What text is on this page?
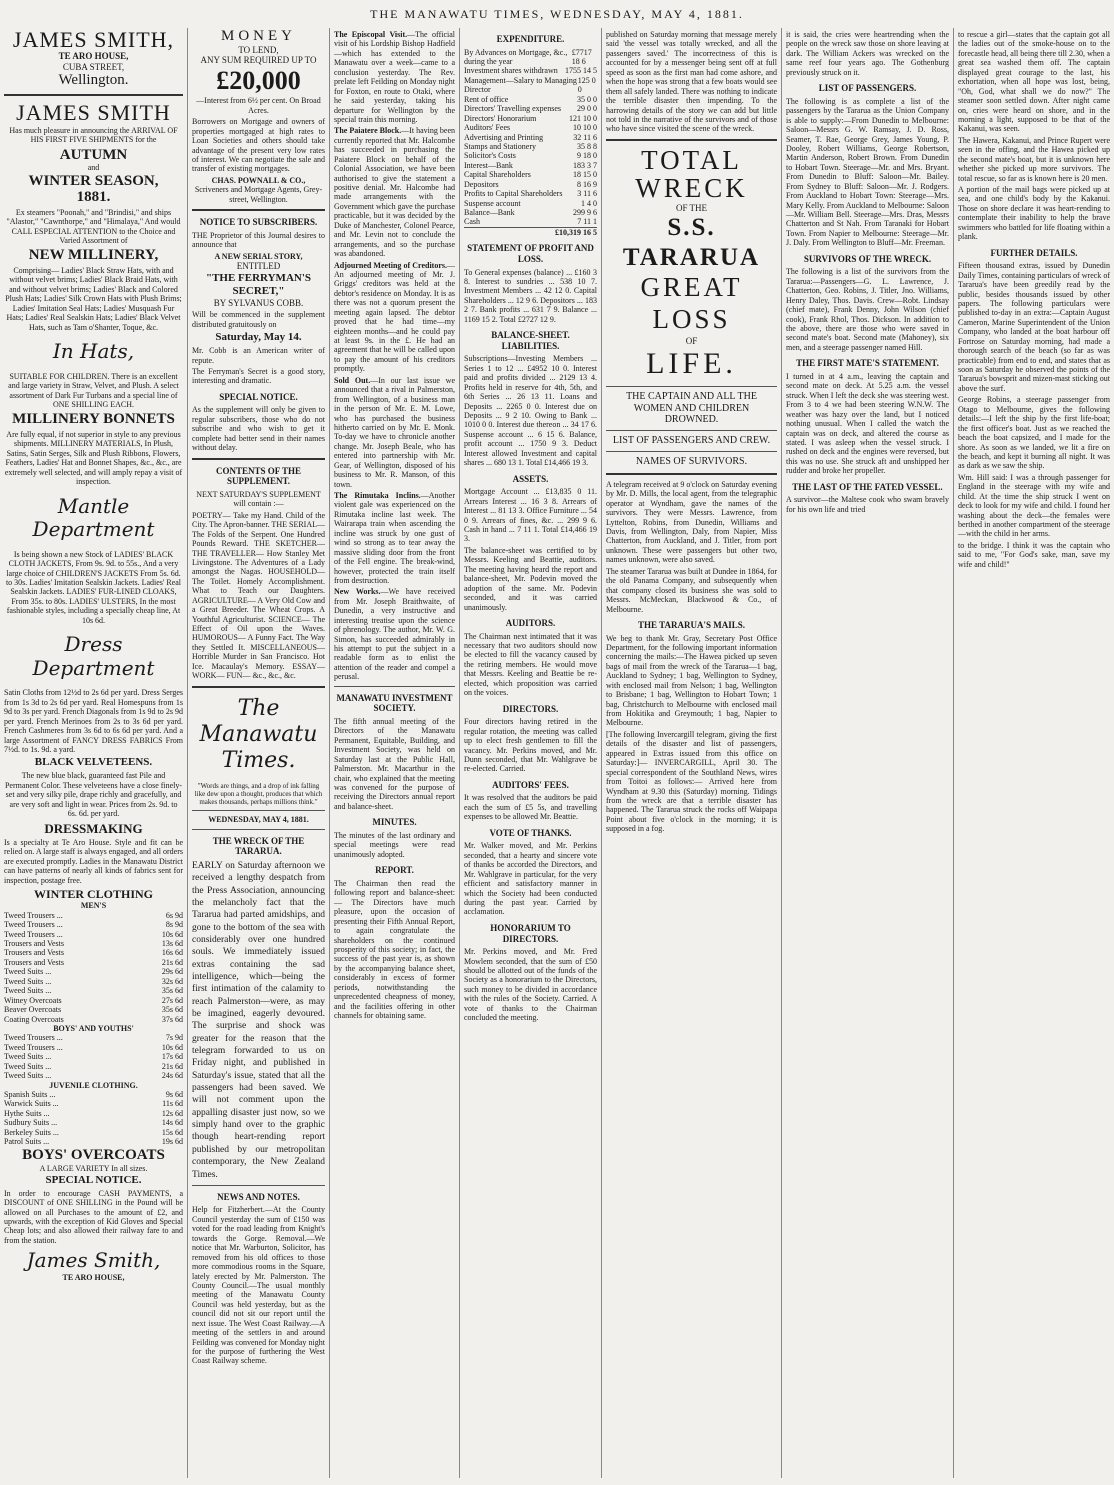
THE MANAWATU TIMES, WEDNESDAY, MAY 4, 1881.
JAMES SMITH,
TE ARO HOUSE,
CUBA STREET,
Wellington.
JAMES SMITH

Has much pleasure in announcing the ARRIVAL OF HIS FIRST FIVE SHIPMENTS for the

AUTUMN
and
WINTER SEASON,
1881.

Ex steamers "Poonah," and "Brindisi," and ships "Alastor," "Cawnthorpe," and "Himalaya," And would CALL ESPECIAL ATTENTION to the Choice and Varied Assortment of

NEW MILLINERY,

Comprising— Ladies' Black Straw Hats, with and without velvet brims; Ladies' Black Braid Hats, with and without velvet brims; Ladies' Black and Colored Plush Hats; Ladies' Silk Crown Hats with Plush Brims; Ladies' Imitation Seal Hats; Ladies' Musquash Fur Hats; Ladies' Real Sealskin Hats; Ladies' Black Velvet Hats, such as Tam o'Shanter, Toque, &c.

In Hats,

SUITABLE FOR CHILDREN. There is an excellent and large variety in Straw, Velvet, and Plush. A select assortment of Dark Fur Turbans and a special line of ONE SHILLING EACH.

MILLINERY BONNETS

Are fully equal, if not superior in style to any previous shipments. MILLINERY MATERIALS, In Plush, Satins, Satin Serges, Silk and Plush Ribbons, Flowers, Feathers, Ladies' Hat and Bonnet Shapes, &c., &c., are extremely well selected, and will amply repay a visit of inspection.

Mantle Department

Is being shown a new Stock of LADIES' BLACK CLOTH JACKETS, From 9s. 9d. to 55s., And a very large choice of CHILDREN'S JACKETS From 5s. 6d. to 30s. Ladies' Imitation Sealskin Jackets. Ladies' Real Sealskin Jackets. LADIES' FUR-LINED CLOAKS, From 35s. to 80s. LADIES' ULSTERS, In the most fashionable styles, including a specially cheap line, At 10s 6d.

Dress Department

Satin Cloths from 12½d to 2s 6d per yard. Dress Serges from 1s 3d to 2s 6d per yard. Real Homespuns from 1s 9d to 3s per yard. French Diagonals from 1s 9d to 2s 9d per yard. French Merinoes from 2s to 3s 6d per yard. French Cashmeres from 3s 6d to 6s 6d per yard. And a large Assortment of FANCY DRESS FABRICS From 7½d. to 1s. 9d. a yard.

BLACK VELVETEENS.

The new blue black, guaranteed fast Pile and Permanent Color. These velveteens have a close finely-set and very silky pile, drape richly and gracefully, and are very soft and light in wear. Prices from 2s. 9d. to 6s. 6d. per yard.

DRESSMAKING

Is a specialty at Te Aro House. Style and fit can be relied on. A large staff is always engaged, and all orders are executed promptly. Ladies in the Manawatu District can have patterns of nearly all kinds of fabrics sent for inspection, postage free.

WINTER CLOTHING
MEN'S
Tweed Trousers ...	6s 9d
Tweed Trousers ...	8s 9d
Tweed Trousers ...	10s 6d
Trousers and Vests	13s 6d
Trousers and Vests	16s 6d
Trousers and Vests	21s 6d
Tweed Suits ...	29s 6d
Tweed Suits ...	32s 6d
Tweed Suits ...	35s 6d
Witney Overcoats	27s 6d
Beaver Overcoats	35s 6d
Coating Overcoats	37s 6d
BOYS' AND YOUTHS'
Tweed Trousers ...	7s 9d
Tweed Trousers ...	10s 6d
Tweed Suits ...	17s 6d
Tweed Suits ...	21s 6d
Tweed Suits ...	24s 6d
JUVENILE CLOTHING.
Spanish Suits ...	9s 6d
Warwick Suits ...	11s 6d
Hythe Suits ...	12s 6d
Sudbury Suits ...	14s 6d
Berkeley Suits ...	15s 6d
Patrol Suits ...	19s 6d
BOYS' OVERCOATS
A LARGE VARIETY In all sizes.
SPECIAL NOTICE.

In order to encourage CASH PAYMENTS, a DISCOUNT of ONE SHILLING in the Pound will be allowed on all Purchases to the amount of £2, and upwards, with the exception of Kid Gloves and Special Cheap lots; and also allowed their railway fare to and from the station.

James Smith,
TE ARO HOUSE,
MONEY
TO LEND,
ANY SUM REQUIRED UP TO
£20,000
—Interest from 6½ per cent. On Broad Acres.

Borrowers on Mortgage and owners of properties mortgaged at high rates to Loan Societies and others should take advantage of the present very low rates of interest. We can negotiate the sale and transfer of existing mortgages.

CHAS. POWNALL & CO.,
Scriveners and Mortgage Agents, Grey-street, Wellington.
NOTICE TO SUBSCRIBERS.

THE Proprietor of this Journal desires to announce that

A NEW SERIAL STORY,
ENTITLED
"THE FERRYMAN'S SECRET,"
BY SYLVANUS COBB.

Will be commenced in the supplement distributed gratuitously on

Saturday, May 14.

Mr. Cobb is an American writer of repute.

The Ferryman's Secret is a good story, interesting and dramatic.

SPECIAL NOTICE.

As the supplement will only be given to regular subscribers, those who do not subscribe and who wish to get it complete had better send in their names without delay.

CONTENTS OF THE SUPPLEMENT.

NEXT SATURDAY'S SUPPLEMENT will contain :—

POETRY— Take my Hand. Child of the City. The Apron-banner. THE SERIAL— The Folds of the Serpent. One Hundred Pounds Reward. THE SKETCHER— THE TRAVELLER— How Stanley Met Livingstone. The Adventures of a Lady amongst the Nagas. HOUSEHOLD— The Toilet. Homely Accomplishment. What to Teach our Daughters. AGRICULTURE— A Very Old Cow and a Great Breeder. The Wheat Crops. A Youthful Agriculturist. SCIENCE— The Effect of Oil upon the Waves. HUMOROUS— A Funny Fact. The Way they Settled It. MISCELLANEOUS— Horrible Murder in San Francisco. Hot Ice. Macaulay's Memory. ESSAY— WORK— FUN— &c., &c., &c.

The Manawatu Times.

"Words are things, and a drop of ink falling like dew upon a thought, produces that which makes thousands, perhaps millions think."

WEDNESDAY, MAY 4, 1881.
THE WRECK OF THE TARARUA.

EARLY on Saturday afternoon we received a lengthy despatch from the Press Association, announcing the melancholy fact that the Tararua had parted amidships, and gone to the bottom of the sea with considerably over one hundred souls. We immediately issued extras containing the sad intelligence, which—being the first intimation of the calamity to reach Palmerston—were, as may be imagined, eagerly devoured. The surprise and shock was greater for the reason that the telegram forwarded to us on Friday night, and published in Saturday's issue, stated that all the passengers had been saved. We will not comment upon the appalling disaster just now, so we simply hand over to the graphic though heart-rending report published by our metropolitan contemporary, the New Zealand Times.

NEWS AND NOTES.

Help for Fitzherbert.—At the County Council yesterday the sum of £150 was voted for the road leading from Knight's towards the Gorge. Removal.—We notice that Mr. Warburton, Solicitor, has removed from his old offices to those more commodious rooms in the Square, lately erected by Mr. Palmerston. The County Council.—The usual monthly meeting of the Manawatu County Council was held yesterday, but as the council did not sit our report until the next issue. The West Coast Railway.—A meeting of the settlers in and around Feilding was convened for Monday night for the purpose of furthering the West Coast Railway scheme.

The Episcopal Visit.—The official visit of his Lordship Bishop Hadfield—which has extended to the Manawatu over a week—came to a conclusion yesterday. The Rev. prelate left Feilding on Monday night for Foxton, en route to Otaki, where he said yesterday, taking his departure for Wellington by the special train this morning.

The Paiatere Block.—It having been currently reported that Mr. Halcombe has succeeded in purchasing the Paiatere Block on behalf of the Colonial Association, we have been authorised to give the statement a positive denial. Mr. Halcombe had made arrangements with the Government which gave the purchase practicable, but it was decided by the Duke of Manchester, Colonel Pearce, and Mr. Levin not to conclude the arrangements, and so the purchase was abandoned.

Adjourned Meeting of Creditors.—An adjourned meeting of Mr. J. Griggs' creditors was held at the debtor's residence on Monday. It is as there was not a quorum present the meeting again lapsed. The debtor proved that he had time—my eighteen months—and he could pay at least 9s. in the £. He had an agreement that he will be called upon to pay the amount of his creditors promptly.

Sold Out.—In our last issue we announced that a rival in Palmerston, from Wellington, of a business man in the person of Mr. E. M. Lowe, who has purchased the business hitherto carried on by Mr. E. Monk. To-day we have to chronicle another change. Mr. Joseph Beale, who has entered into partnership with Mr. Gear, of Wellington, disposed of his business to Mr. R. Manson, of this town.

The Rimutaka Inclins.—Another violent gale was experienced on the Rimutaka incline last week. The Wairarapa train when ascending the incline was struck by one gust of wind so strong as to tear away the massive sliding door from the front of the Fell engine. The break-wind, however, protected the train itself from destruction.

New Works.—We have received from Mr. Joseph Braithwaite, of Dunedin, a very instructive and interesting treatise upon the science of phrenology. The author, Mr. W. G. Simon, has succeeded admirably in his attempt to put the subject in a readable form as to enlist the attention of the reader and compel a perusal.

MANAWATU INVESTMENT SOCIETY.

The fifth annual meeting of the Directors of the Manawatu Permanent, Equitable, Building, and Investment Society, was held on Saturday last at the Public Hall, Palmerston. Mr. Macarthur in the chair, who explained that the meeting was convened for the purpose of receiving the Directors annual report and balance-sheet.

MINUTES.

The minutes of the last ordinary and special meetings were read unanimously adopted.

REPORT.

The Chairman then read the following report and balance-sheet:— The Directors have much pleasure, upon the occasion of presenting their Fifth Annual Report, to again congratulate the shareholders on the continued prosperity of this society; in fact, the success of the past year is, as shown by the accompanying balance sheet, considerably in excess of former periods, notwithstanding the unprecedented cheapness of money, and the facilities offering in other channels for obtaining same.

EXPENDITURE.
By Advances on Mortgage, &c., during the year
£7717 18 6
Investment shares withdrawn 1755 14 5
Management—Salary to Managing Director
125 0 0
Rent of office	35 0 0
Directors' Travelling expenses 29 0 0
Directors' Honorarium	121 10 0
Auditors' Fees	10 10 0
Advertising and Printing	32 11 6
Stamps and Stationery	35 8 8
Solicitor's Costs	9 18 0
Interest—Bank	183 3 7
Capital Shareholders	18 15 0
Depositors	8 16 9
Profits to Capital Shareholders 3 11 6
Suspense account	1 4 0
Balance—Bank	299 9 6
Cash	7 11 1
£10,319 16 5
STATEMENT OF PROFIT AND LOSS.

To General expenses (balance) ... £160 3 8. Interest to sundries ... 538 10 7. Investment Members ... 42 12 0. Capital Shareholders ... 12 9 6. Depositors ... 183 2 7. Bank profits ... 631 7 9. Balance ... 1169 15 2. Total £2727 12 9.

BALANCE-SHEET. LIABILITIES.

Subscriptions—Investing Members ... Series 1 to 12 ... £4952 10 0. Interest paid and profits divided ... 2129 13 4. Profits held in reserve for 4th, 5th, and 6th Series ... 26 13 11. Loans and Deposits ... 2265 0 0. Interest due on Deposits ... 9 2 10. Owing to Bank ... 1010 0 0. Interest due thereon ... 34 17 6. Suspense account ... 6 15 6. Balance, profit account ... 1750 9 3. Deduct Interest allowed Investment and capital shares ... 680 13 1. Total £14,466 19 3.

ASSETS.

Mortgage Account ... £13,835 0 11. Arrears Interest ... 16 3 8. Arrears of Interest ... 81 13 3. Office Furniture ... 54 0 9. Arrears of fines, &c. ... 299 9 6. Cash in hand ... 7 11 1. Total £14,466 19 3.

The balance-sheet was certified to by Messrs. Keeling and Beattie, auditors. The meeting having heard the report and balance-sheet, Mr. Podevin moved the adoption of the same. Mr. Podevin seconded, and it was carried unanimously.

AUDITORS.

The Chairman next intimated that it was necessary that two auditors should now be elected to fill the vacancy caused by the retiring members. He would move that Messrs. Keeling and Beattie be re-elected, which proposition was carried on the voices.

DIRECTORS.

Four directors having retired in the regular rotation, the meeting was called up to elect fresh gentlemen to fill the vacancy. Mr. Perkins moved, and Mr. Dunn seconded, that Mr. Wahlgrave be re-elected. Carried.

AUDITORS' FEES.

It was resolved that the auditors be paid each the sum of £5 5s, and travelling expenses to be allowed Mr. Beattie.

VOTE OF THANKS.

Mr. Walker moved, and Mr. Perkins seconded, that a hearty and sincere vote of thanks be accorded the Directors, and Mr. Wahlgrave in particular, for the very efficient and satisfactory manner in which the Society had been conducted during the past year. Carried by acclamation.

HONORARIUM TO DIRECTORS.

Mr. Perkins moved, and Mr. Fred Mowlem seconded, that the sum of £50 should be allotted out of the funds of the Society as a honorarium to the Directors, such money to be divided in accordance with the rules of the Society. Carried. A vote of thanks to the Chairman concluded the meeting.

published on Saturday morning that message merely said 'the vessel was totally wrecked, and all the passengers saved.' The incorrectness of this is accounted for by a messenger being sent off at full speed as soon as the first man had come ashore, and when the hope was strong that a few boats would see them all safely landed. There was nothing to indicate the terrible disaster then impending. To the harrowing details of the story we can add but little not told in the narrative of the survivors and of those who have since visited the scene of the wreck.

TOTAL WRECK
OF THE
S.S. TARARUA
GREAT LOSS
OF
LIFE.
THE CAPTAIN AND ALL THE WOMEN AND CHILDREN DROWNED.
LIST OF PASSENGERS AND CREW.
NAMES OF SURVIVORS.

A telegram received at 9 o'clock on Saturday evening by Mr. D. Mills, the local agent, from the telegraphic operator at Wyndham, gave the names of the survivors. They were Messrs. Lawrence, from Lyttelton, Robins, from Dunedin, Williams and Davis, from Wellington, Daly, from Napier, Miss Chatterton, from Auckland, and J. Titler, from port unknown. These were passengers but other two, names unknown, were also saved.

The steamer Tararua was built at Dundee in 1864, for the old Panama Company, and subsequently when that company closed its business she was sold to Messrs. McMeckan, Blackwood & Co., of Melbourne.

THE TARARUA'S MAILS.

We beg to thank Mr. Gray, Secretary Post Office Department, for the following important information concerning the mails:—The Hawea picked up seven bags of mail from the wreck of the Tararua—1 bag, Auckland to Sydney; 1 bag, Wellington to Sydney, with enclosed mail from Nelson; 1 bag, Wellington to Brisbane; 1 bag, Wellington to Hobart Town; 1 bag, Christchurch to Melbourne with enclosed mail from Hokitika and Greymouth; 1 bag, Napier to Melbourne.

[The following Invercargill telegram, giving the first details of the disaster and list of passengers, appeared in Extras issued from this office on Saturday:]— INVERCARGILL, April 30. The special correspondent of the Southland News, wires from Toitoi as follows:— Arrived here from Wyndham at 9.30 this (Saturday) morning. Tidings from the wreck are that a terrible disaster has happened. The Tararua struck the rocks off Waipapa Point about five o'clock in the morning; it is supposed in a fog.

it is said, the cries were heartrending when the people on the wreck saw those on shore leaving at dark. The William Ackers was wrecked on the same reef four years ago. The Gothenburg previously struck on it.

LIST OF PASSENGERS.

The following is as complete a list of the passengers by the Tararua as the Union Company is able to supply:—From Dunedin to Melbourne: Saloon—Messrs G. W. Ramsay, J. D. Ross, Seamer, T. Rae, George Grey, James Young, P. Dooley, Robert Williams, George Robertson, Martin Anderson, Robert Brown. From Dunedin to Hobart Town. Steerage—Mr. and Mrs. Bryant. From Dunedin to Bluff: Saloon—Mr. Bailey. From Sydney to Bluff: Saloon—Mr. J. Rodgers. From Auckland to Hobart Town: Steerage—Mrs. Mary Kelly. From Auckland to Melbourne: Saloon—Mr. William Bell. Steerage—Mrs. Dras, Messrs Chatterton and St Nah. From Taranaki for Hobart Town. From Napier to Melbourne: Steerage—Mr. J. Daly. From Wellington to Bluff—Mr. Freeman.

SURVIVORS OF THE WRECK.

The following is a list of the survivors from the Tararua:—Passengers—G. L. Lawrence, J. Chatterton, Geo. Robins, J. Titler, Jno. Williams, Henry Daley, Thos. Davis. Crew—Robt. Lindsay (chief mate), Frank Denny, John Wilson (chief cook), Frank Rhol, Thos. Dickson. In addition to the above, there are those who were saved in second mate's boat. Second mate (Mahoney), six men, and a steerage passenger named Hill.

THE FIRST MATE'S STATEMENT.

I turned in at 4 a.m., leaving the captain and second mate on deck. At 5.25 a.m. the vessel struck. When I left the deck she was steering west. From 3 to 4 we had been steering W.N.W. The weather was hazy over the land, but I noticed nothing unusual. When I called the watch the captain was on deck, and altered the course as stated. I was asleep when the vessel struck. I rushed on deck and the engines were reversed, but this was no use. She struck aft and unshipped her rudder and broke her propeller.

THE LAST OF THE FATED VESSEL.

A survivor—the Maltese cook who swam bravely for his own life and tried

to rescue a girl—states that the captain got all the ladies out of the smoke-house on to the forecastle head, all being there till 2.30, when a great sea washed them off. The captain displayed great courage to the last, his exhortation, when all hope was lost, being, "Oh, God, what shall we do now?" The steamer soon settled down. After night came on, cries were heard on shore, and in the morning a light, supposed to be that of the Kakanui, was seen.

The Hawera, Kakanui, and Prince Rupert were seen in the offing, and the Hawea picked up the second mate's boat, but it is unknown here whether she picked up more survivors. The total rescue, so far as is known here is 20 men.

A portion of the mail bags were picked up at sea, and one child's body by the Kakanui. Those on shore declare it was heart-rending to contemplate their inability to help the brave swimmers who battled for life floating within a plank.

FURTHER DETAILS.

Fifteen thousand extras, issued by Dunedin Daily Times, containing particulars of wreck of Tararua's have been greedily read by the public, besides thousands issued by other papers. The following particulars were published to-day in an extra:—Captain August Cameron, Marine Superintendent of the Union Company, who landed at the boat harbour off Fortrose on Saturday morning, had made a thorough search of the beach (so far as was practicable) from end to end, and states that as soon as Saturday he observed the points of the Tararua's bowsprit and mizen-mast sticking out above the surf.

George Robins, a steerage passenger from Otago to Melbourne, gives the following details:—I left the ship by the first life-boat; the first officer's boat. Just as we reached the beach the boat capsized, and I made for the shore. As soon as we landed, we lit a fire on the beach, and kept it burning all night. It was as dark as we saw the ship.

Wm. Hill said: I was a through passenger for England in the steerage with my wife and child. At the time the ship struck I went on deck to look for my wife and child. I found her washing about the deck—the females were berthed in another compartment of the steerage—with the child in her arms.

to the bridge. I think it was the captain who said to me, "For God's sake, man, save my wife and child!"
